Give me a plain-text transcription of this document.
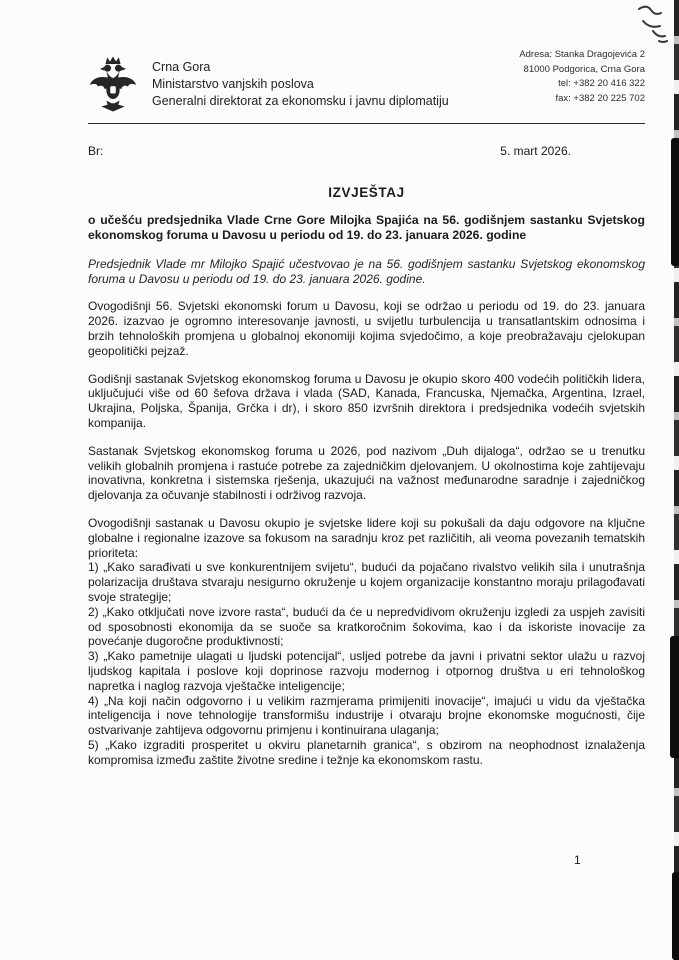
Crna Gora
Ministarstvo vanjskih poslova
Generalni direktorat za ekonomsku i javnu diplomatiju
Adresa: Stanka Dragojevića 2
81000 Podgorica, Crna Gora
tel: +382 20 416 322
fax: +382 20 225 702
Br:	5. mart 2026.
IZVJEŠTAJ

o učešću predsjednika Vlade Crne Gore Milojka Spajića na 56. godišnjem sastanku Svjetskog ekonomskog foruma u Davosu u periodu od 19. do 23. januara 2026. godine

Predsjednik Vlade mr Milojko Spajić učestvovao je na 56. godišnjem sastanku Svjetskog ekonomskog foruma u Davosu u periodu od 19. do 23. januara 2026. godine.

Ovogodišnji 56. Svjetski ekonomski forum u Davosu, koji se održao u periodu od 19. do 23. januara 2026. izazvao je ogromno interesovanje javnosti, u svijetlu turbulencija u transatlantskim odnosima i brzih tehnoloških promjena u globalnoj ekonomiji kojima svjedočimo, a koje preobražavaju cjelokupan geopolitički pejzaž.

Godišnji sastanak Svjetskog ekonomskog foruma u Davosu je okupio skoro 400 vodećih političkih lidera, uključujući više od 60 šefova država i vlada (SAD, Kanada, Francuska, Njemačka, Argentina, Izrael, Ukrajina, Poljska, Španija, Grčka i dr), i skoro 850 izvršnih direktora i predsjednika vodećih svjetskih kompanija.

Sastanak Svjetskog ekonomskog foruma u 2026, pod nazivom „Duh dijaloga“, održao se u trenutku velikih globalnih promjena i rastuće potrebe za zajedničkim djelovanjem. U okolnostima koje zahtijevaju inovativna, konkretna i sistemska rješenja, ukazujući na važnost međunarodne saradnje i zajedničkog djelovanja za očuvanje stabilnosti i održivog razvoja.

Ovogodišnji sastanak u Davosu okupio je svjetske lidere koji su pokušali da daju odgovore na ključne globalne i regionalne izazove sa fokusom na saradnju kroz pet različitih, ali veoma povezanih tematskih prioriteta:

1) „Kako sarađivati u sve konkurentnijem svijetu“, budući da pojačano rivalstvo velikih sila i unutrašnja polarizacija društava stvaraju nesigurno okruženje u kojem organizacije konstantno moraju prilagođavati svoje strategije;

2) „Kako otključati nove izvore rasta“, budući da će u nepredvidivom okruženju izgledi za uspjeh zavisiti od sposobnosti ekonomija da se suoče sa kratkoročnim šokovima, kao i da iskoriste inovacije za povećanje dugoročne produktivnosti;

3) „Kako pametnije ulagati u ljudski potencijal“, usljed potrebe da javni i privatni sektor ulažu u razvoj ljudskog kapitala i poslove koji doprinose razvoju modernog i otpornog društva u eri tehnološkog napretka i naglog razvoja vještačke inteligencije;

4) „Na koji način odgovorno i u velikim razmjerama primijeniti inovacije“, imajući u vidu da vještačka inteligencija i nove tehnologije transformišu industrije i otvaraju brojne ekonomske mogućnosti, čije ostvarivanje zahtijeva odgovornu primjenu i kontinuirana ulaganja;

5) „Kako izgraditi prosperitet u okviru planetarnih granica“, s obzirom na neophodnost iznalaženja kompromisa između zaštite životne sredine i težnje ka ekonomskom rastu.

1
